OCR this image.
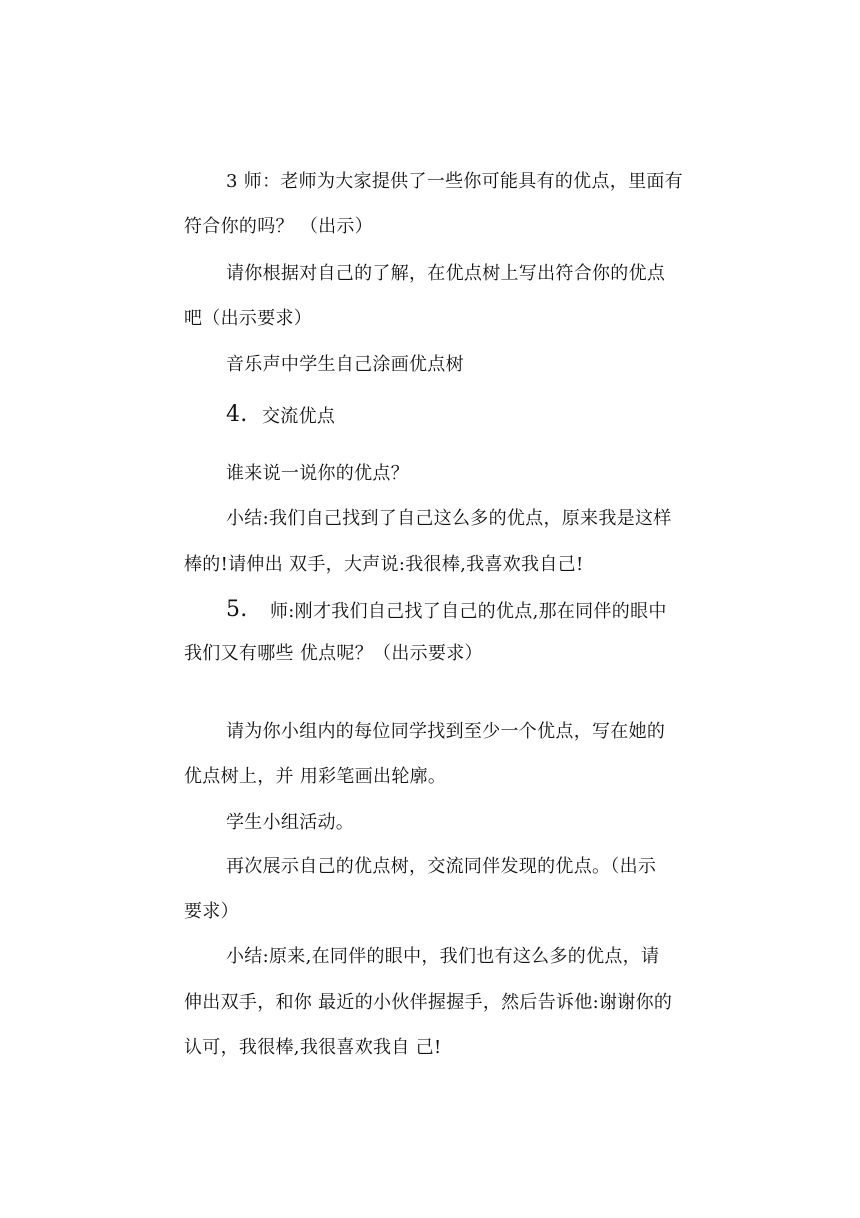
3 师：老师为大家提供了一些你可能具有的优点，里面有
符合你的吗？ （出示）
请你根据对自己的了解，在优点树上写出符合你的优点
吧（出示要求）
音乐声中学生自己涂画优点树
4. 交流优点
谁来说一说你的优点？
小结:我们自己找到了自己这么多的优点，原来我是这样
棒的!请伸出 双手，大声说:我很棒,我喜欢我自己!
5. 师:刚才我们自己找了自己的优点,那在同伴的眼中
我们又有哪些 优点呢？（出示要求）
请为你小组内的每位同学找到至少一个优点，写在她的
优点树上，并 用彩笔画出轮廓。
学生小组活动。
再次展示自己的优点树，交流同伴发现的优点。（出示
要求）
小结:原来,在同伴的眼中，我们也有这么多的优点，请
伸出双手，和你 最近的小伙伴握握手，然后告诉他:谢谢你的
认可，我很棒,我很喜欢我自 己!
